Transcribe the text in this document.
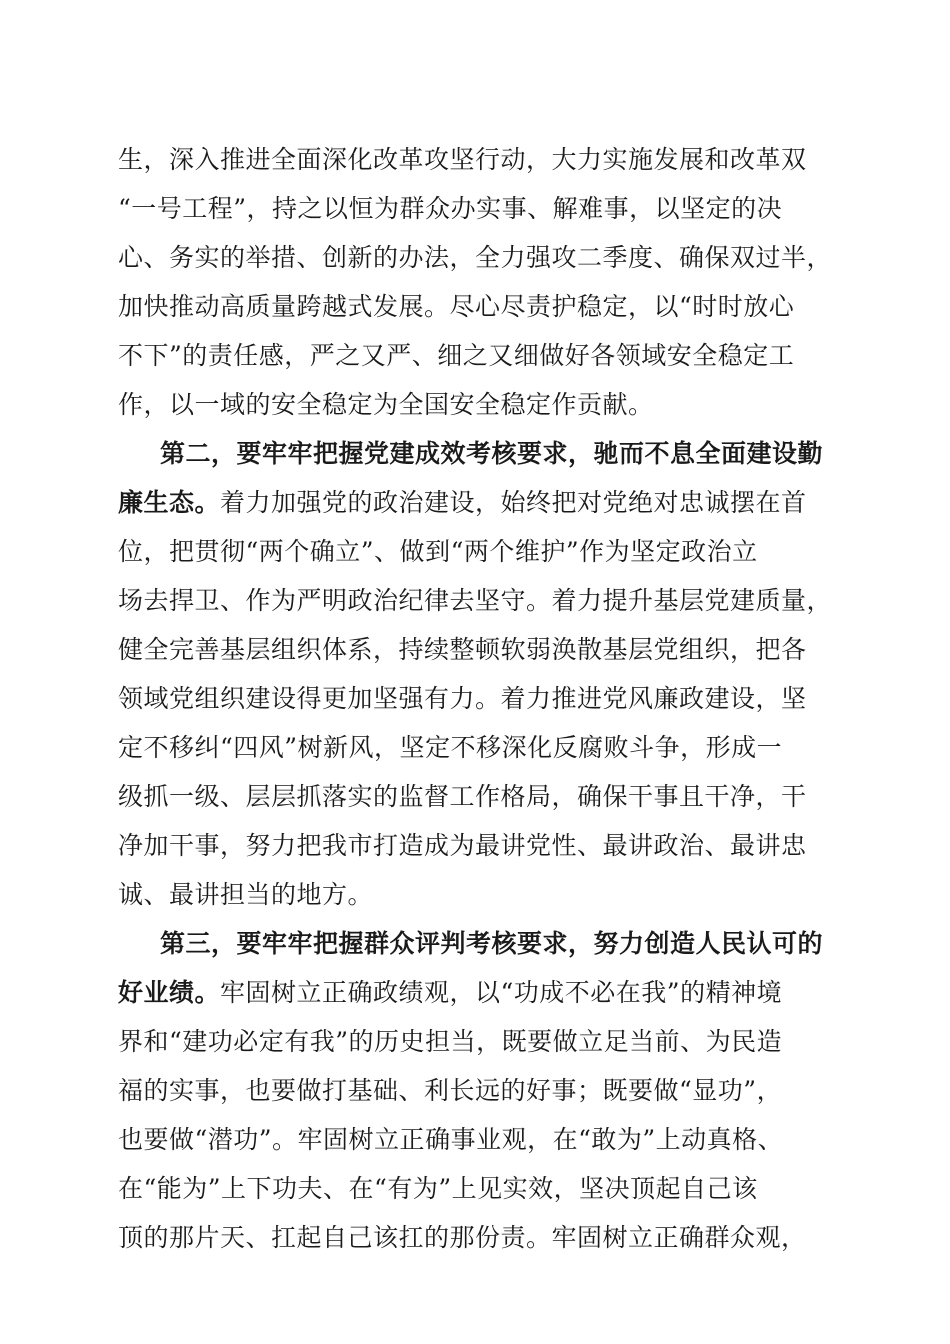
生，深入推进全面深化改革攻坚行动，大力实施发展和改革双
“一号工程”，持之以恒为群众办实事、解难事，以坚定的决
心、务实的举措、创新的办法，全力强攻二季度、确保双过半，
加快推动高质量跨越式发展。尽心尽责护稳定，以“时时放心
不下”的责任感，严之又严、细之又细做好各领域安全稳定工
作，以一域的安全稳定为全国安全稳定作贡献。
第二，要牢牢把握党建成效考核要求，驰而不息全面建设勤
廉生态。着力加强党的政治建设，始终把对党绝对忠诚摆在首
位，把贯彻“两个确立”、做到“两个维护”作为坚定政治立
场去捍卫、作为严明政治纪律去坚守。着力提升基层党建质量，
健全完善基层组织体系，持续整顿软弱涣散基层党组织，把各
领域党组织建设得更加坚强有力。着力推进党风廉政建设，坚
定不移纠“四风”树新风，坚定不移深化反腐败斗争，形成一
级抓一级、层层抓落实的监督工作格局，确保干事且干净，干
净加干事，努力把我市打造成为最讲党性、最讲政治、最讲忠
诚、最讲担当的地方。
第三，要牢牢把握群众评判考核要求，努力创造人民认可的
好业绩。牢固树立正确政绩观，以“功成不必在我”的精神境
界和“建功必定有我”的历史担当，既要做立足当前、为民造
福的实事，也要做打基础、利长远的好事；既要做“显功”，
也要做“潜功”。牢固树立正确事业观，在“敢为”上动真格、
在“能为”上下功夫、在“有为”上见实效，坚决顶起自己该
顶的那片天、扛起自己该扛的那份责。牢固树立正确群众观，
